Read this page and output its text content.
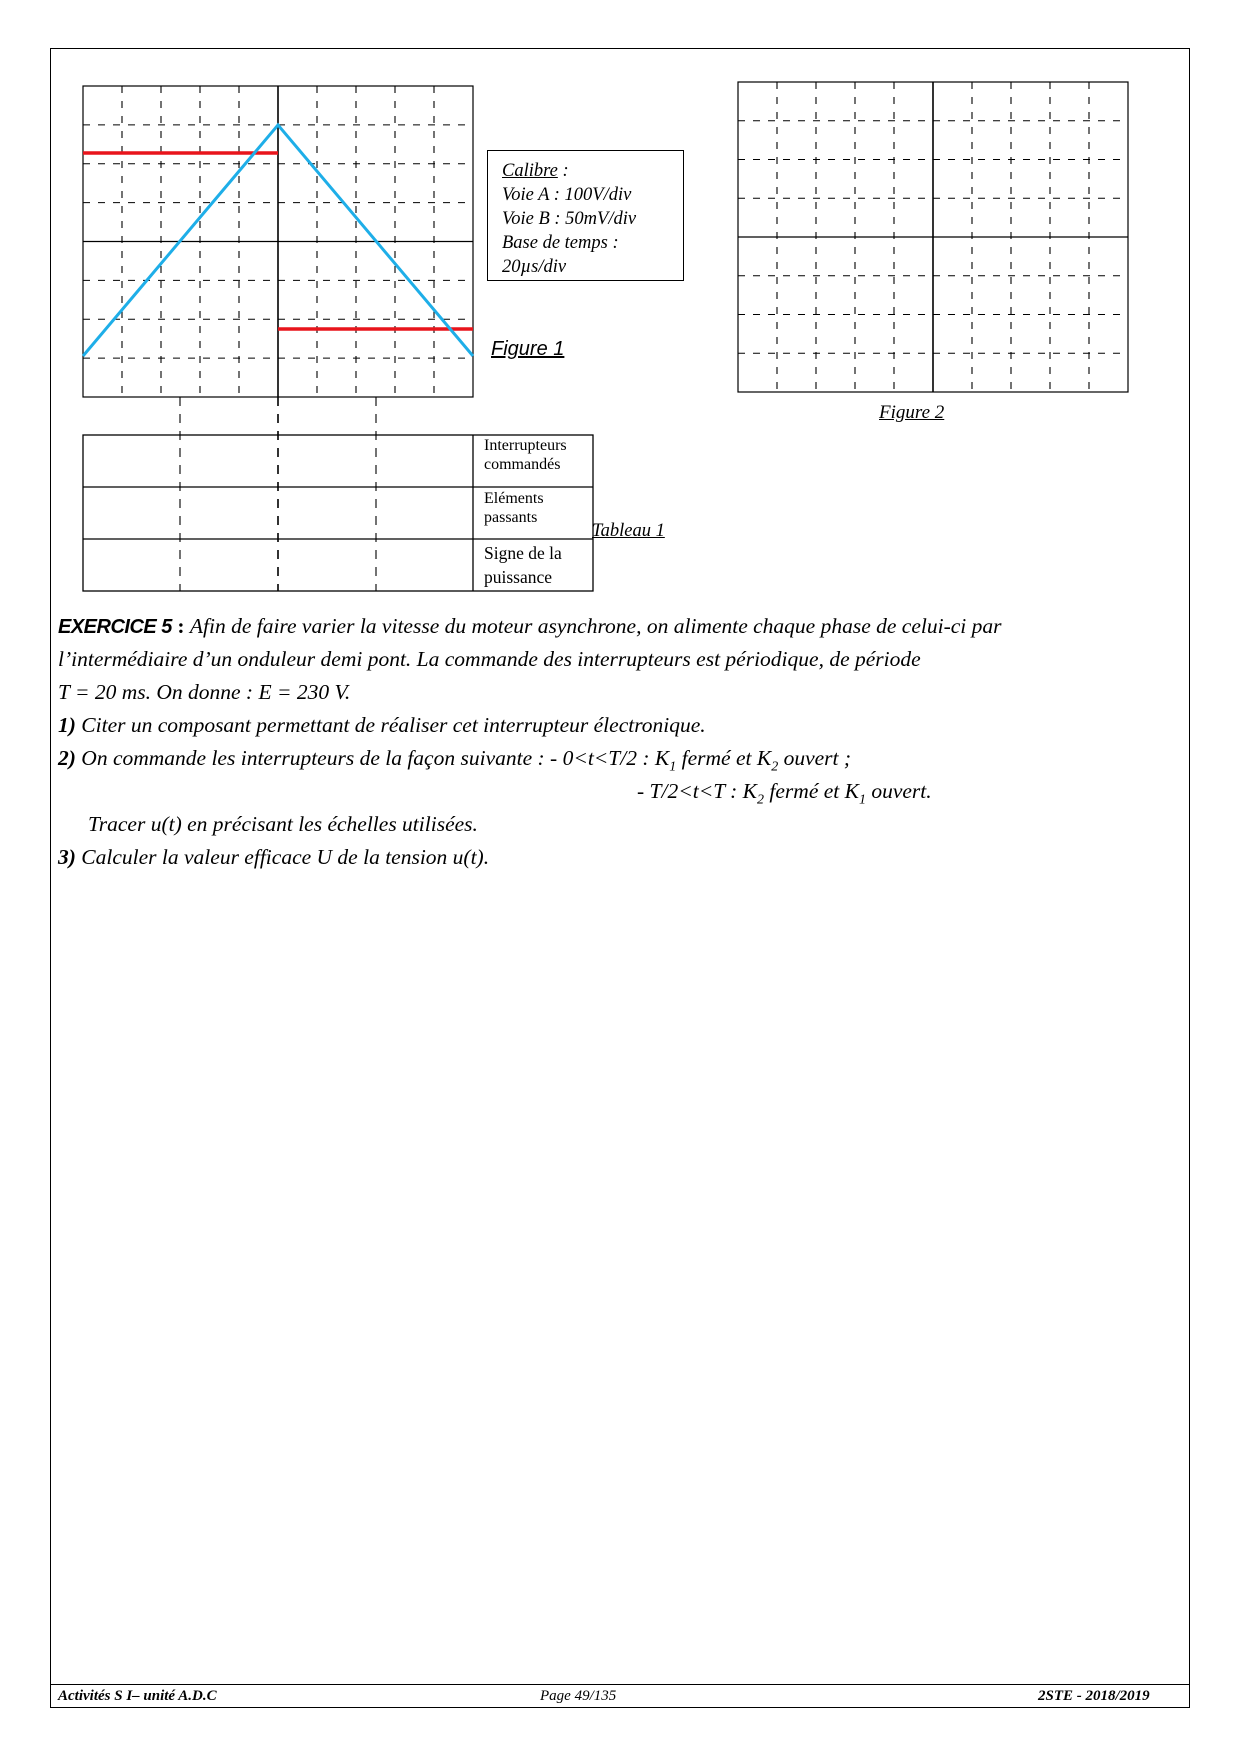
Calibre :
Voie A : 100V/div
Voie B : 50mV/div
Base de temps :
20µs/div
Figure 1
Figure 2
Tableau 1
Interrupteurs
commandés
Eléments
passants
Signe de la
puissance
EXERCICE 5 : Afin de faire varier la vitesse du moteur asynchrone, on alimente chaque phase de celui-ci par
l’intermédiaire d’un onduleur demi pont. La commande des interrupteurs est périodique, de période
T = 20 ms. On donne : E = 230 V.
1) Citer un composant permettant de réaliser cet interrupteur électronique.
2) On commande les interrupteurs de la façon suivante : - 0<t<T/2 : $K_1$ fermé et $K_2$ ouvert ;
- T/2<t<T : $K_2$ fermé et $K_1$ ouvert.
Tracer u(t) en précisant les échelles utilisées.
3) Calculer la valeur efficace U de la tension u(t).
Activités S I– unité A.D.C	Page 49/135	2STE - 2018/2019
